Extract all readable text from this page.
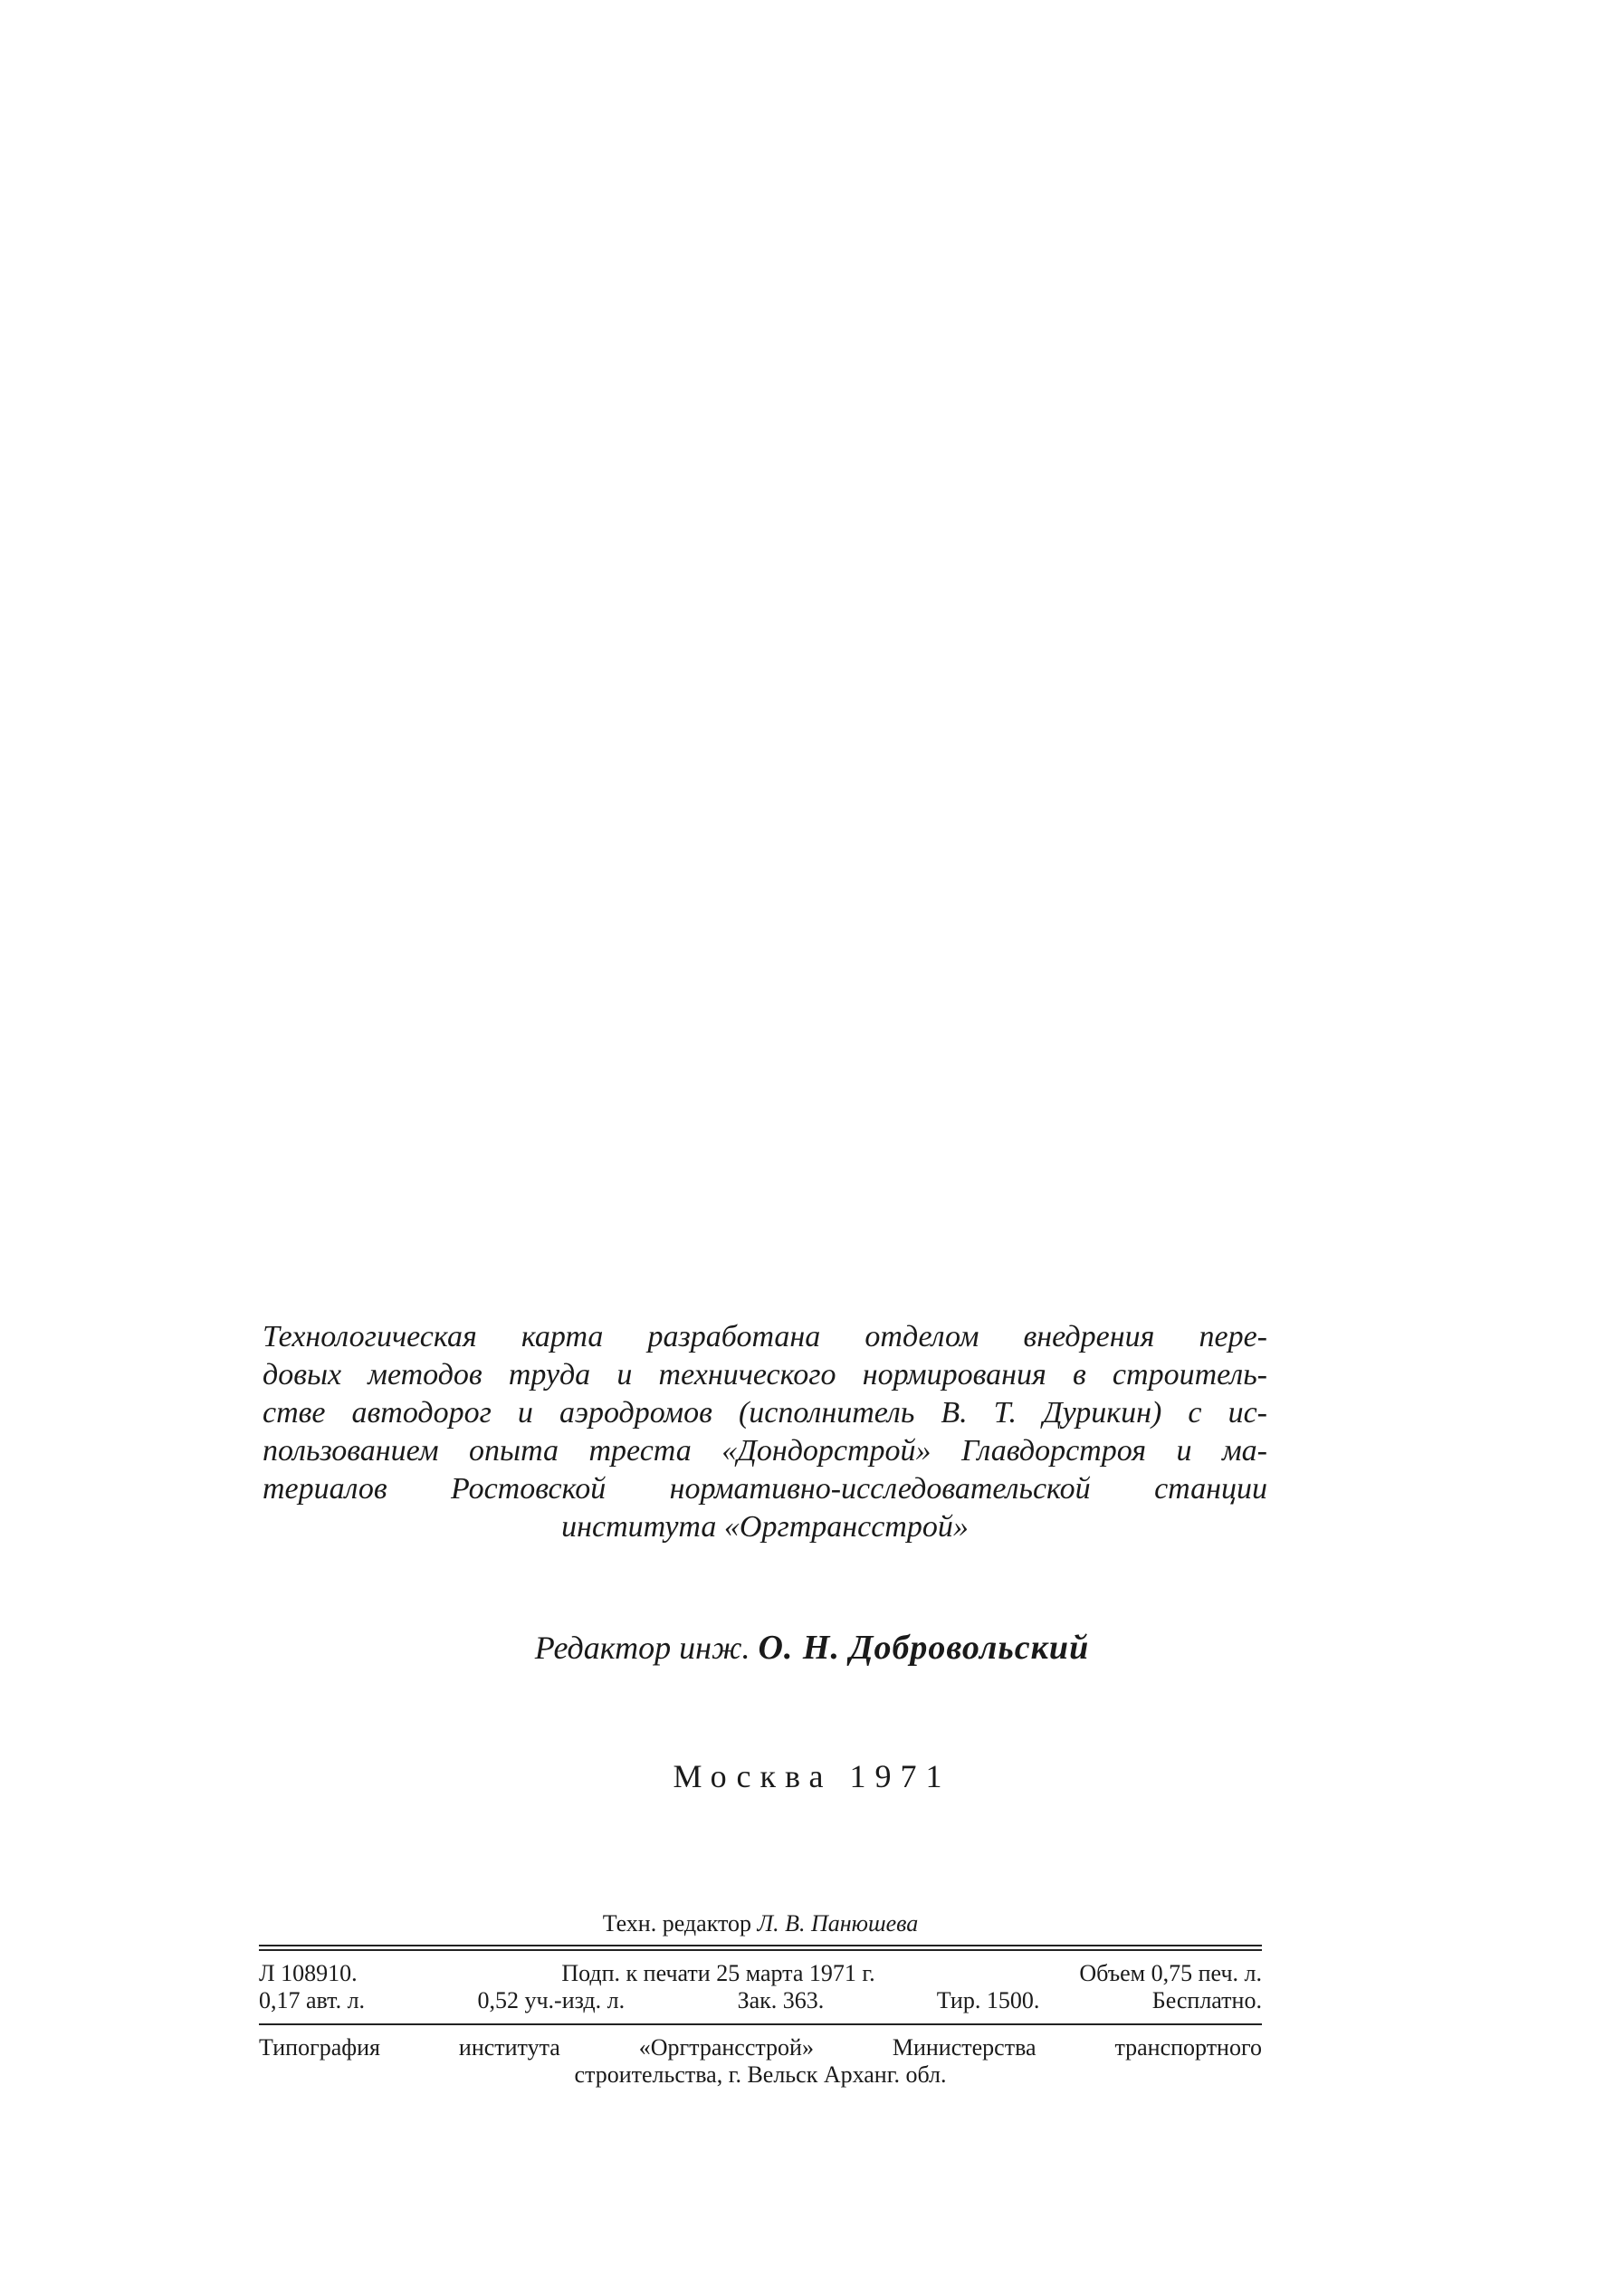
Технологическая карта разработана отделом внедрения пере-
довых методов труда и технического нормирования в строитель-
стве автодорог и аэродромов (исполнитель В. Т. Дурикин) с ис-
пользованием опыта треста «Дондорстрой» Главдорстроя и ма-
териалов Ростовской нормативно-исследовательской станции
института «Оргтрансстрой»
Редактор инж. О. Н. Добровольский
Москва 1971
Техн. редактор Л. В. Панюшева
Л 108910.	Подп. к печати 25 марта 1971 г.	Объем 0,75 печ. л.
0,17 авт. л.	0,52 уч.-изд. л.	Зак. 363.	Тир. 1500.	Бесплатно.
Типография института «Оргтрансстрой» Министерства транспортного
строительства, г. Вельск Арханг. обл.
